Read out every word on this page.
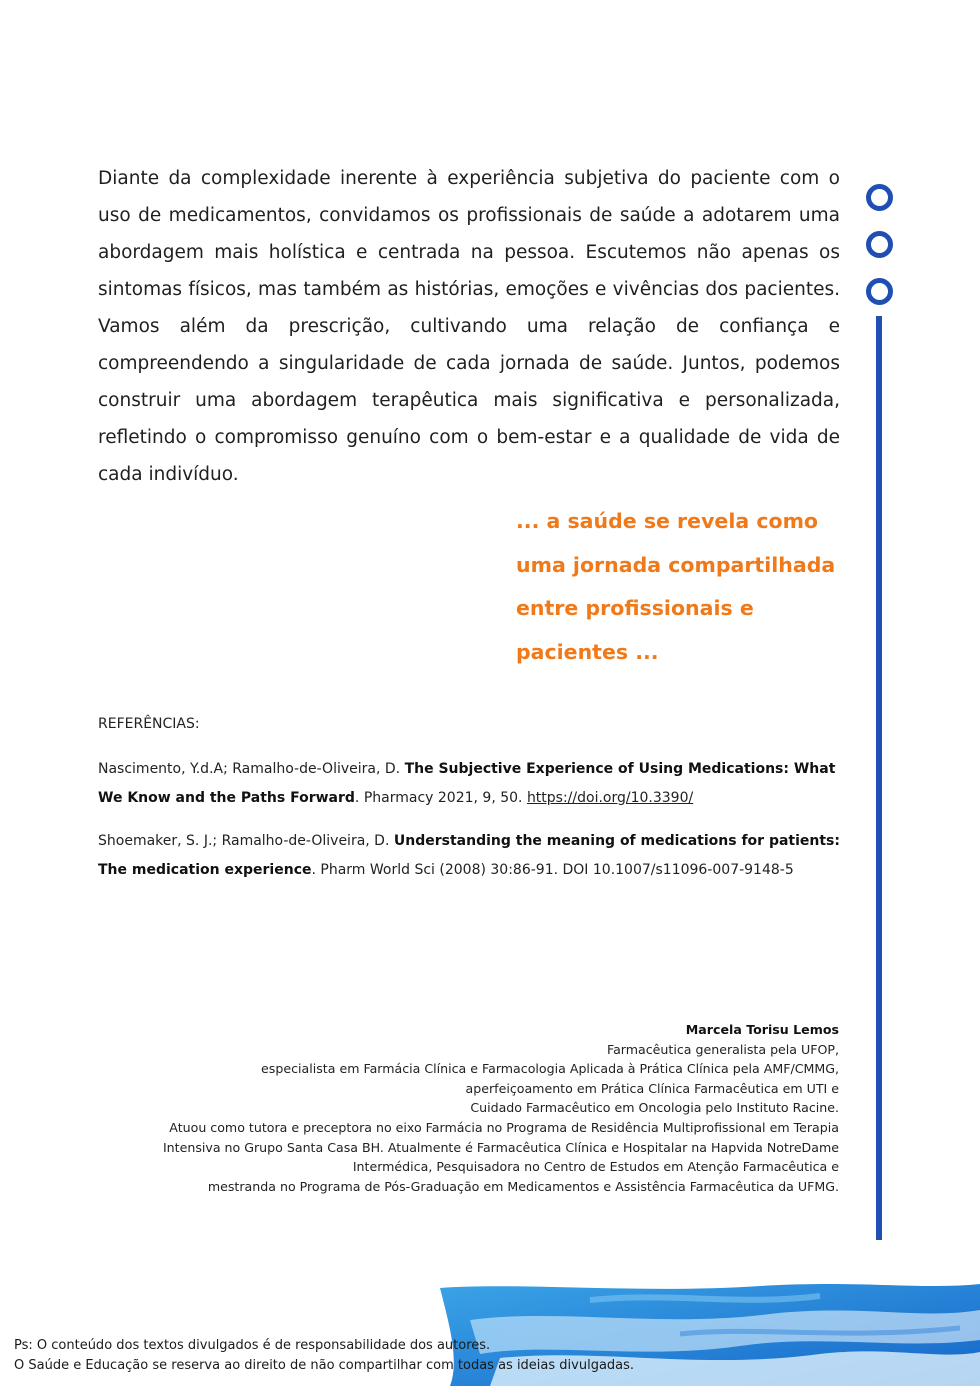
Diante da complexidade inerente à experiência subjetiva do paciente com o uso de medicamentos, convidamos os profissionais de saúde a adotarem uma abordagem mais holística e centrada na pessoa. Escutemos não apenas os sintomas físicos, mas também as histórias, emoções e vivências dos pacientes. Vamos além da prescrição, cultivando uma relação de confiança e compreendendo a singularidade de cada jornada de saúde. Juntos, podemos construir uma abordagem terapêutica mais significativa e personalizada, refletindo o compromisso genuíno com o bem-estar e a qualidade de vida de cada indivíduo.

... a saúde se revela como uma jornada compartilhada entre profissionais e pacientes ...

REFERÊNCIAS:

Nascimento, Y.d.A; Ramalho-de-Oliveira, D. The Subjective Experience of Using Medications: What We Know and the Paths Forward. Pharmacy 2021, 9, 50. https://doi.org/10.3390/

Shoemaker, S. J.; Ramalho-de-Oliveira, D. Understanding the meaning of medications for patients: The medication experience. Pharm World Sci (2008) 30:86-91. DOI 10.1007/s11096-007-9148-5

Marcela Torisu Lemos
Farmacêutica generalista pela UFOP,
especialista em Farmácia Clínica e Farmacologia Aplicada à Prática Clínica pela AMF/CMMG,
aperfeiçoamento em Prática Clínica Farmacêutica em UTI e
Cuidado Farmacêutico em Oncologia pelo Instituto Racine.
Atuou como tutora e preceptora no eixo Farmácia no Programa de Residência Multiprofissional em Terapia
Intensiva no Grupo Santa Casa BH. Atualmente é Farmacêutica Clínica e Hospitalar na Hapvida NotreDame
Intermédica, Pesquisadora no Centro de Estudos em Atenção Farmacêutica e
mestranda no Programa de Pós-Graduação em Medicamentos e Assistência Farmacêutica da UFMG.
Ps: O conteúdo dos textos divulgados é de responsabilidade dos autores.
O Saúde e Educação se reserva ao direito de não compartilhar com todas as ideias divulgadas.
